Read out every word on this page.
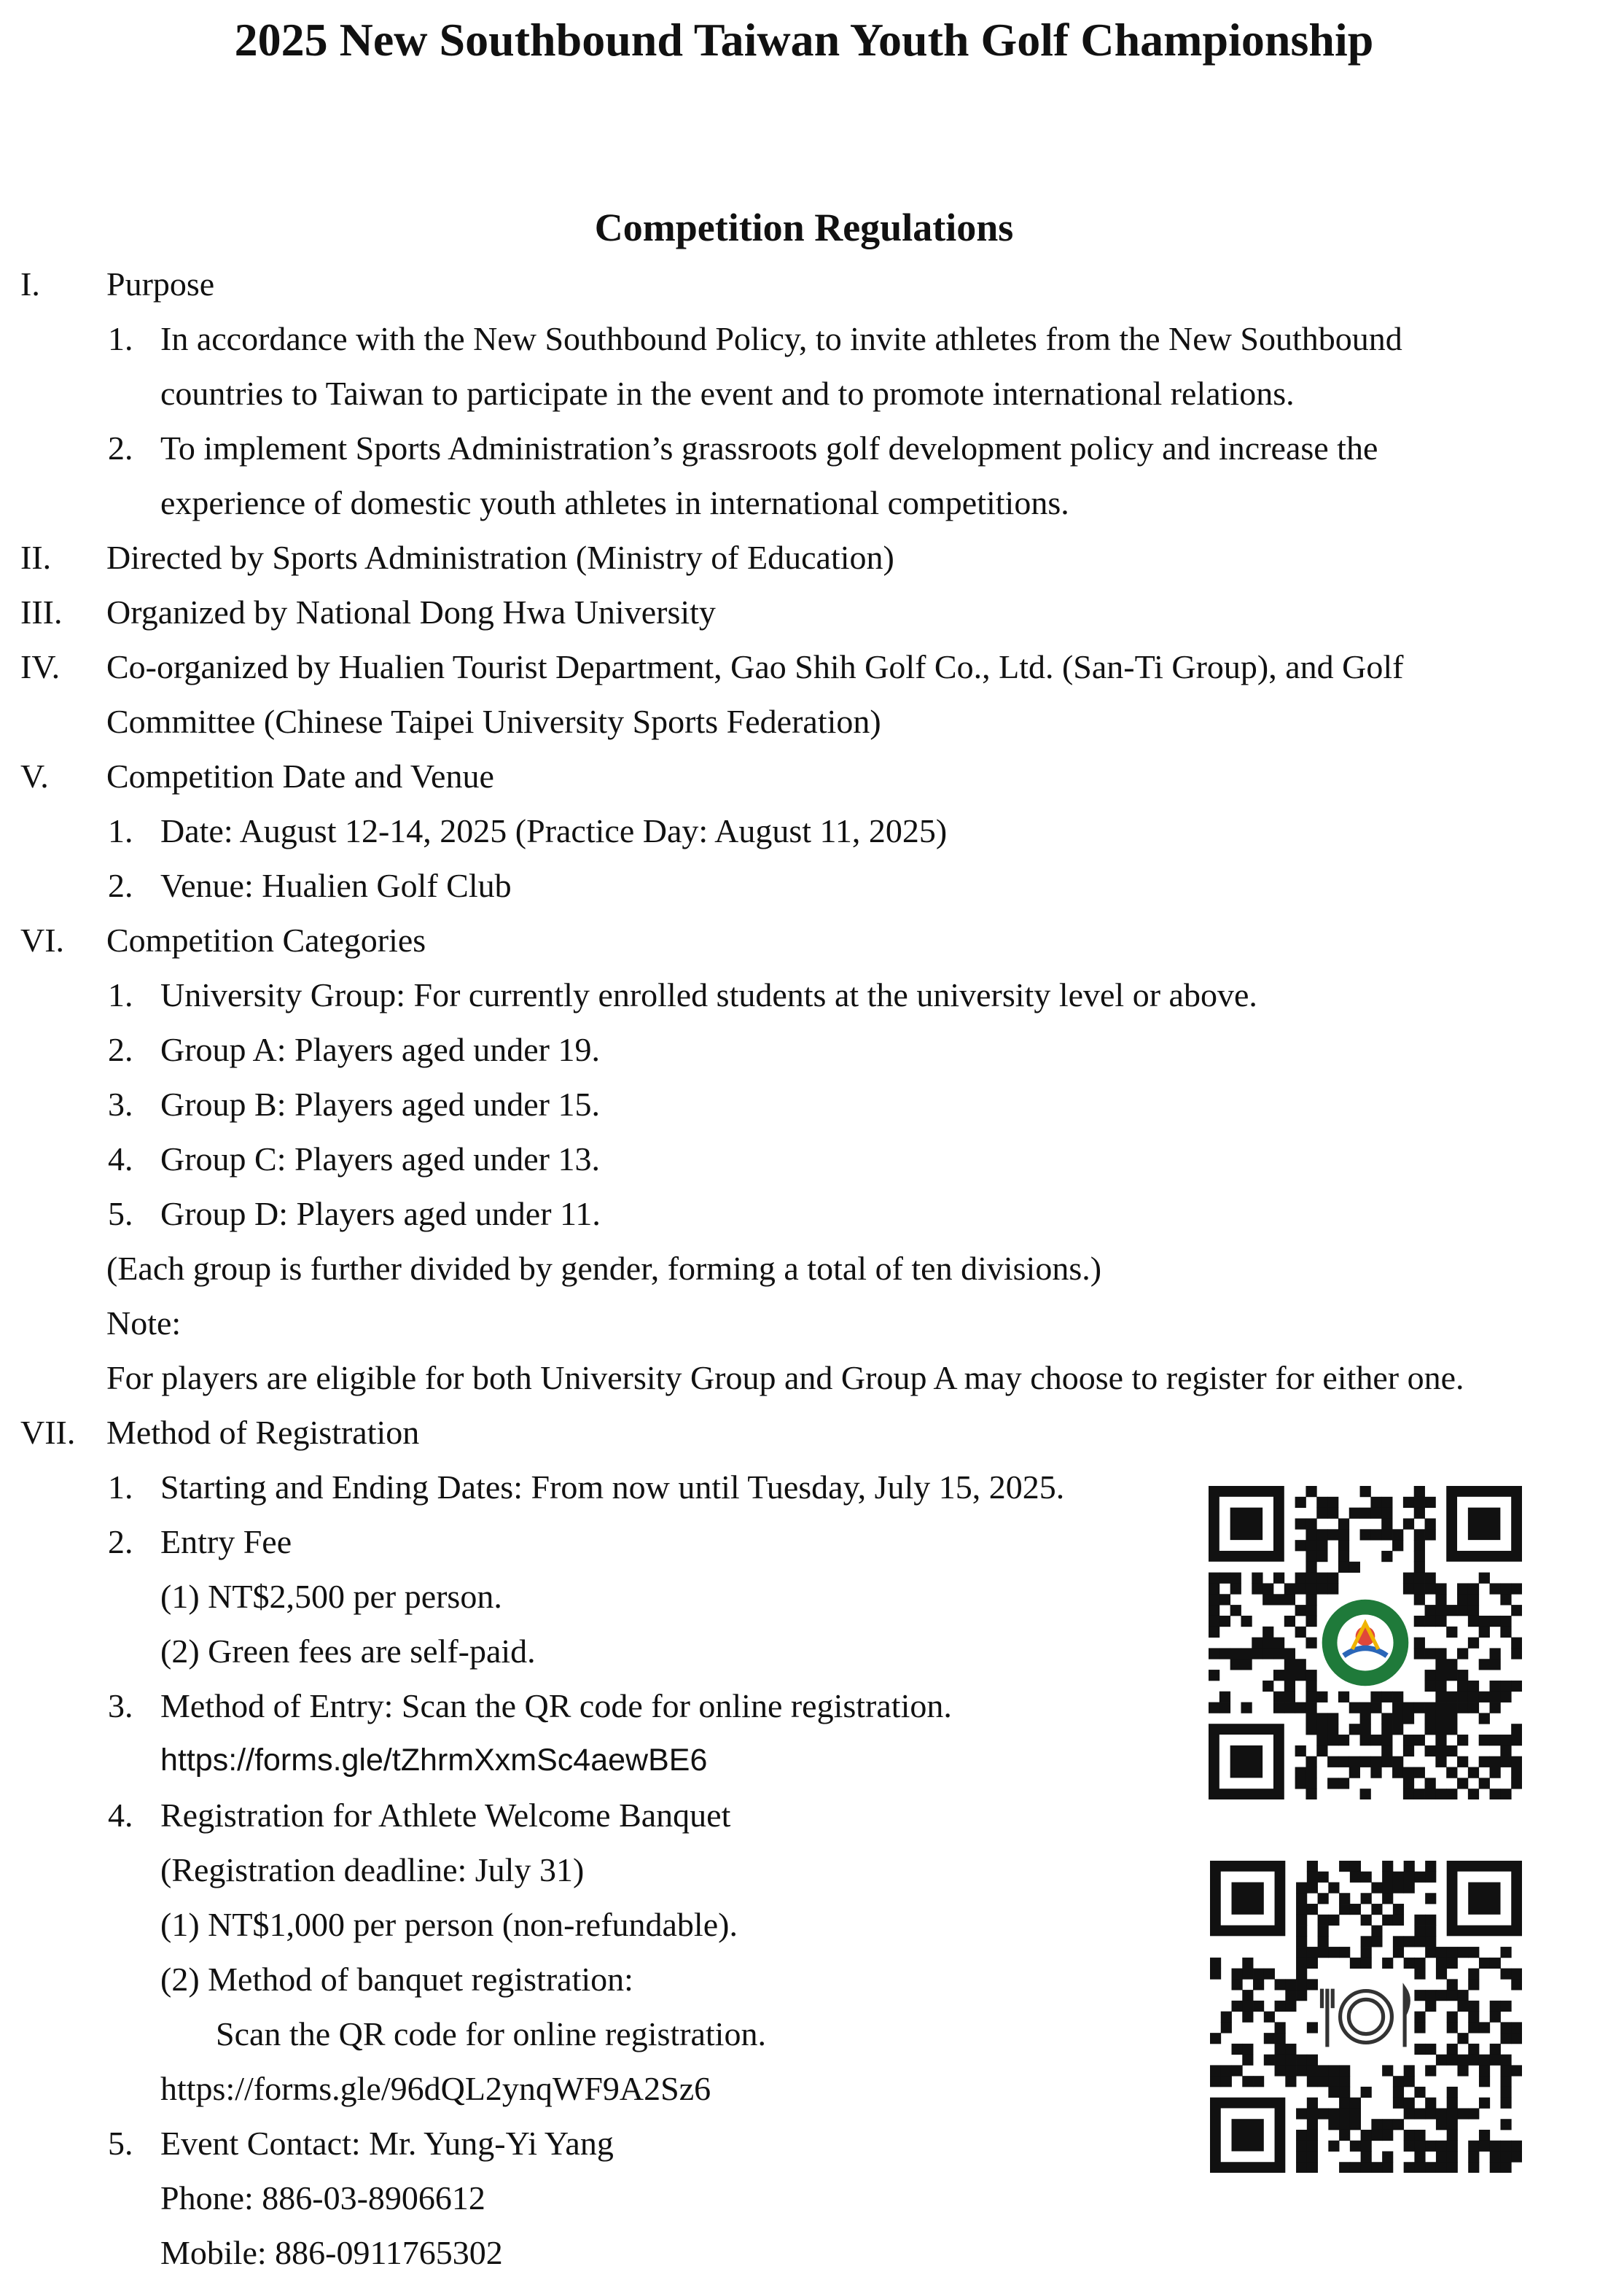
2025 New Southbound Taiwan Youth Golf Championship
Competition Regulations
I. Purpose
1. In accordance with the New Southbound Policy, to invite athletes from the New Southbound
countries to Taiwan to participate in the event and to promote international relations.
2. To implement Sports Administration’s grassroots golf development policy and increase the
experience of domestic youth athletes in international competitions.
II. Directed by Sports Administration (Ministry of Education)
III. Organized by National Dong Hwa University
IV. Co-organized by Hualien Tourist Department, Gao Shih Golf Co., Ltd. (San-Ti Group), and Golf
Committee (Chinese Taipei University Sports Federation)
V. Competition Date and Venue
1. Date: August 12-14, 2025 (Practice Day: August 11, 2025)
2. Venue: Hualien Golf Club
VI. Competition Categories
1. University Group: For currently enrolled students at the university level or above.
2. Group A: Players aged under 19.
3. Group B: Players aged under 15.
4. Group C: Players aged under 13.
5. Group D: Players aged under 11.
(Each group is further divided by gender, forming a total of ten divisions.)
Note:
For players are eligible for both University Group and Group A may choose to register for either one.
VII. Method of Registration
1. Starting and Ending Dates: From now until Tuesday, July 15, 2025.
2. Entry Fee
(1) NT$2,500 per person.
(2) Green fees are self-paid.
3. Method of Entry: Scan the QR code for online registration.
https://forms.gle/tZhrmXxmSc4aewBE6
4. Registration for Athlete Welcome Banquet
(Registration deadline: July 31)
(1) NT$1,000 per person (non-refundable).
(2) Method of banquet registration:
Scan the QR code for online registration.
https://forms.gle/96dQL2ynqWF9A2Sz6
5. Event Contact: Mr. Yung-Yi Yang
Phone: 886-03-8906612
Mobile: 886-0911765302
